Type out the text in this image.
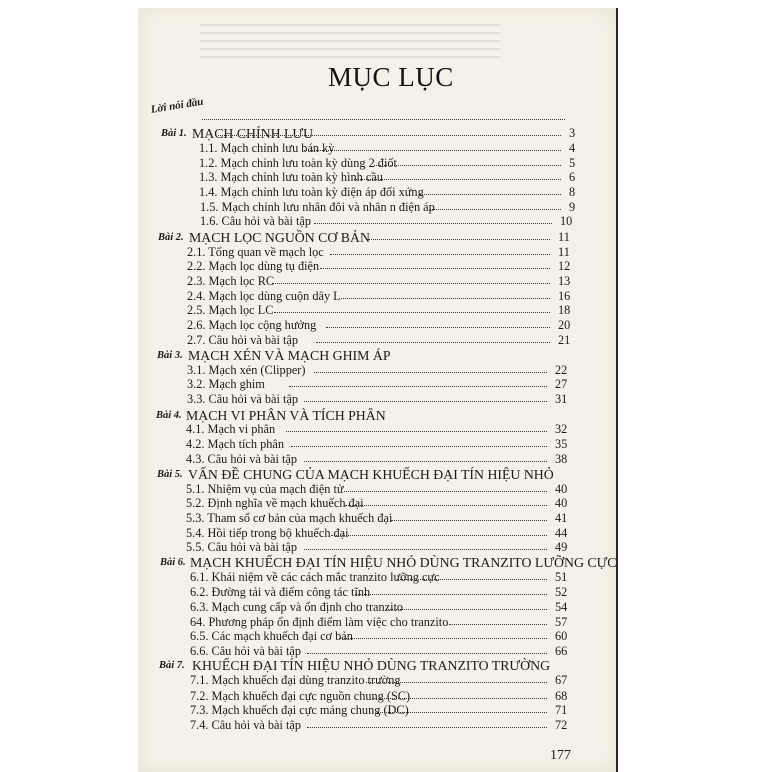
MỤC LỤC
Lời nói đầu
Bài 1. MẠCH CHỈNH LƯU	3
1.1. Mạch chỉnh lưu bán kỳ	4
1.2. Mạch chỉnh lưu toàn kỳ dùng 2 điốt	5
1.3. Mạch chỉnh lưu toàn kỳ hình cầu	6
1.4. Mạch chỉnh lưu toàn kỳ điện áp đối xứng	8
1.5. Mạch chỉnh lưu nhân đôi và nhân n điện áp	9
1.6. Câu hỏi và bài tập	10
Bài 2. MẠCH LỌC NGUỒN CƠ BẢN	11
2.1. Tổng quan về mạch lọc	11
2.2. Mạch lọc dùng tụ điện	12
2.3. Mạch lọc RC	13
2.4. Mạch lọc dùng cuộn dây L	16
2.5. Mạch lọc LC	18
2.6. Mạch lọc cộng hưởng	20
2.7. Câu hỏi và bài tập	21
Bài 3. MẠCH XÉN VÀ MẠCH GHIM ÁP
3.1. Mạch xén (Clipper)	22
3.2. Mạch ghim	27
3.3. Câu hỏi và bài tập	31
Bài 4. MẠCH VI PHÂN VÀ TÍCH PHÂN
4.1. Mạch vi phân	32
4.2. Mạch tích phân	35
4.3. Câu hỏi và bài tập	38
Bài 5. VẤN ĐỀ CHUNG CỦA MẠCH KHUẾCH ĐẠI TÍN HIỆU NHỎ
5.1. Nhiệm vụ của mạch điện tử	40
5.2. Định nghĩa về mạch khuếch đại	40
5.3. Tham số cơ bản của mạch khuếch đại	41
5.4. Hồi tiếp trong bộ khuếch đại	44
5.5. Câu hỏi và bài tập	49
Bài 6. MẠCH KHUẾCH ĐẠI TÍN HIỆU NHỎ DÙNG TRANZITO LƯỠNG CỰC
6.1. Khái niệm về các cách mắc tranzito lưỡng cực	51
6.2. Đường tải và điểm công tác tĩnh	52
6.3. Mạch cung cấp và ổn định cho tranzito	54
64. Phương pháp ổn định điểm làm việc cho tranzito	57
6.5. Các mạch khuếch đại cơ bản	60
6.6. Câu hỏi và bài tập	66
Bài 7. KHUẾCH ĐẠI TÍN HIỆU NHỎ DÙNG TRANZITO TRƯỜNG
7.1. Mạch khuếch đại dùng tranzito trường	67
7.2. Mạch khuếch đại cực nguồn chung (SC)	68
7.3. Mạch khuếch đại cực máng chung (DC)	71
7.4. Câu hỏi và bài tập	72
177
